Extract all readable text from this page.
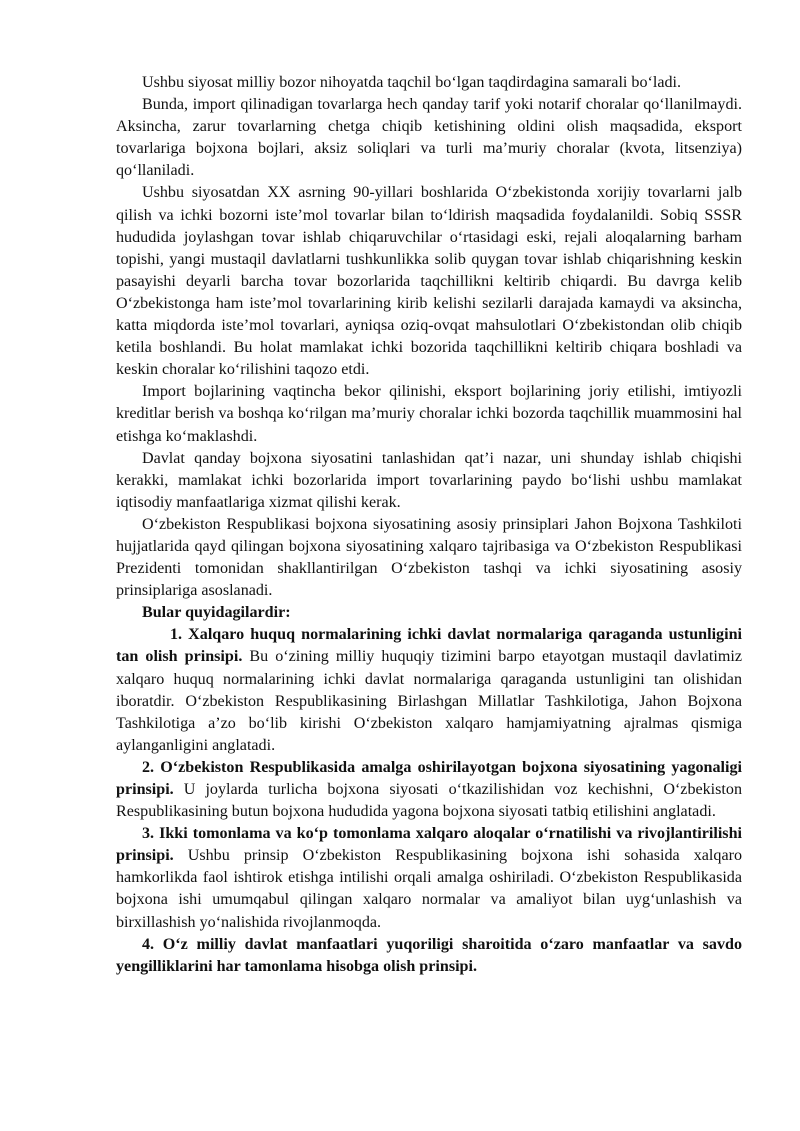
Ushbu siyosat milliy bozor nihoyatda taqchil bo‘lgan taqdirdagina samarali bo‘ladi.

Bunda, import qilinadigan tovarlarga hech qanday tarif yoki notarif choralar qo‘llanilmaydi. Aksincha, zarur tovarlarning chetga chiqib ketishining oldini olish maqsadida, eksport tovarlariga bojxona bojlari, aksiz soliqlari va turli ma’muriy choralar (kvota, litsenziya) qo‘llaniladi.

Ushbu siyosatdan XX asrning 90-yillari boshlarida O‘zbekistonda xorijiy tovarlarni jalb qilish va ichki bozorni iste’mol tovarlar bilan to‘ldirish maqsadida foydalanildi. Sobiq SSSR hududida joylashgan tovar ishlab chiqaruvchilar o‘rtasidagi eski, rejali aloqalarning barham topishi, yangi mustaqil davlatlarni tushkunlikka solib quygan tovar ishlab chiqarishning keskin pasayishi deyarli barcha tovar bozorlarida taqchillikni keltirib chiqardi. Bu davrga kelib O‘zbekistonga ham iste’mol tovarlarining kirib kelishi sezilarli darajada kamaydi va aksincha, katta miqdorda iste’mol tovarlari, ayniqsa oziq-ovqat mahsulotlari O‘zbekistondan olib chiqib ketila boshlandi. Bu holat mamlakat ichki bozorida taqchillikni keltirib chiqara boshladi va keskin choralar ko‘rilishini taqozo etdi.

Import bojlarining vaqtincha bekor qilinishi, eksport bojlarining joriy etilishi, imtiyozli kreditlar berish va boshqa ko‘rilgan ma’muriy choralar ichki bozorda taqchillik muammosini hal etishga ko‘maklashdi.

Davlat qanday bojxona siyosatini tanlashidan qat’i nazar, uni shunday ishlab chiqishi kerakki, mamlakat ichki bozorlarida import tovarlarining paydo bo‘lishi ushbu mamlakat iqtisodiy manfaatlariga xizmat qilishi kerak.

O‘zbekiston Respublikasi bojxona siyosatining asosiy prinsiplari Jahon Bojxona Tashkiloti hujjatlarida qayd qilingan bojxona siyosatining xalqaro tajribasiga va O‘zbekiston Respublikasi Prezidenti tomonidan shakllantirilgan O‘zbekiston tashqi va ichki siyosatining asosiy prinsiplariga asoslanadi.

Bular quyidagilardir:

1. Xalqaro huquq normalarining ichki davlat normalariga qaraganda ustunligini tan olish prinsipi. Bu o‘zining milliy huquqiy tizimini barpo etayotgan mustaqil davlatimiz xalqaro huquq normalarining ichki davlat normalariga qaraganda ustunligini tan olishidan iboratdir. O‘zbekiston Respublikasining Birlashgan Millatlar Tashkilotiga, Jahon Bojxona Tashkilotiga a’zo bo‘lib kirishi O‘zbekiston xalqaro hamjamiyatning ajralmas qismiga aylanganligini anglatadi.

2. O‘zbekiston Respublikasida amalga oshirilayotgan bojxona siyosatining yagonaligi prinsipi. U joylarda turlicha bojxona siyosati o‘tkazilishidan voz kechishni, O‘zbekiston Respublikasining butun bojxona hududida yagona bojxona siyosati tatbiq etilishini anglatadi.

3. Ikki tomonlama va ko‘p tomonlama xalqaro aloqalar o‘rnatilishi va rivojlantirilishi prinsipi. Ushbu prinsip O‘zbekiston Respublikasining bojxona ishi sohasida xalqaro hamkorlikda faol ishtirok etishga intilishi orqali amalga oshiriladi. O‘zbekiston Respublikasida bojxona ishi umumqabul qilingan xalqaro normalar va amaliyot bilan uyg‘unlashish va birxillashish yo‘nalishida rivojlanmoqda.

4. O‘z milliy davlat manfaatlari yuqoriligi sharoitida o‘zaro manfaatlar va savdo yengilliklarini har tamonlama hisobga olish prinsipi.
